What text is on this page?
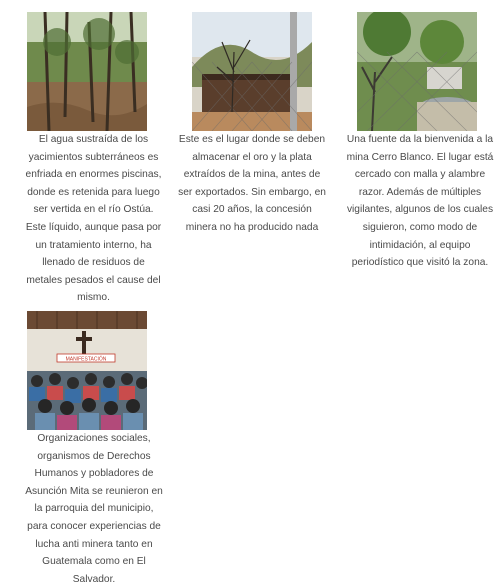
El agua sustraída de los yacimientos subterráneos es enfriada en enormes piscinas, donde es retenida para luego ser vertida en el río Ostúa. Este líquido, aunque pasa por un tratamiento interno, ha llenado de residuos de metales pesados el cause del mismo.

Este es el lugar donde se deben almacenar el oro y la plata extraídos de la mina, antes de ser exportados. Sin embargo, en casi 20 años, la concesión minera no ha producido nada

Una fuente da la bienvenida a la mina Cerro Blanco. El lugar está cercado con malla y alambre razor. Además de múltiples vigilantes, algunos de los cuales siguieron, como modo de intimidación, al equipo periodístico que visitó la zona.

MANIFESTACIÓN

Organizaciones sociales, organismos de Derechos Humanos y pobladores de Asunción Mita se reunieron en la parroquia del municipio, para conocer experiencias de lucha anti minera tanto en Guatemala como en El Salvador.
